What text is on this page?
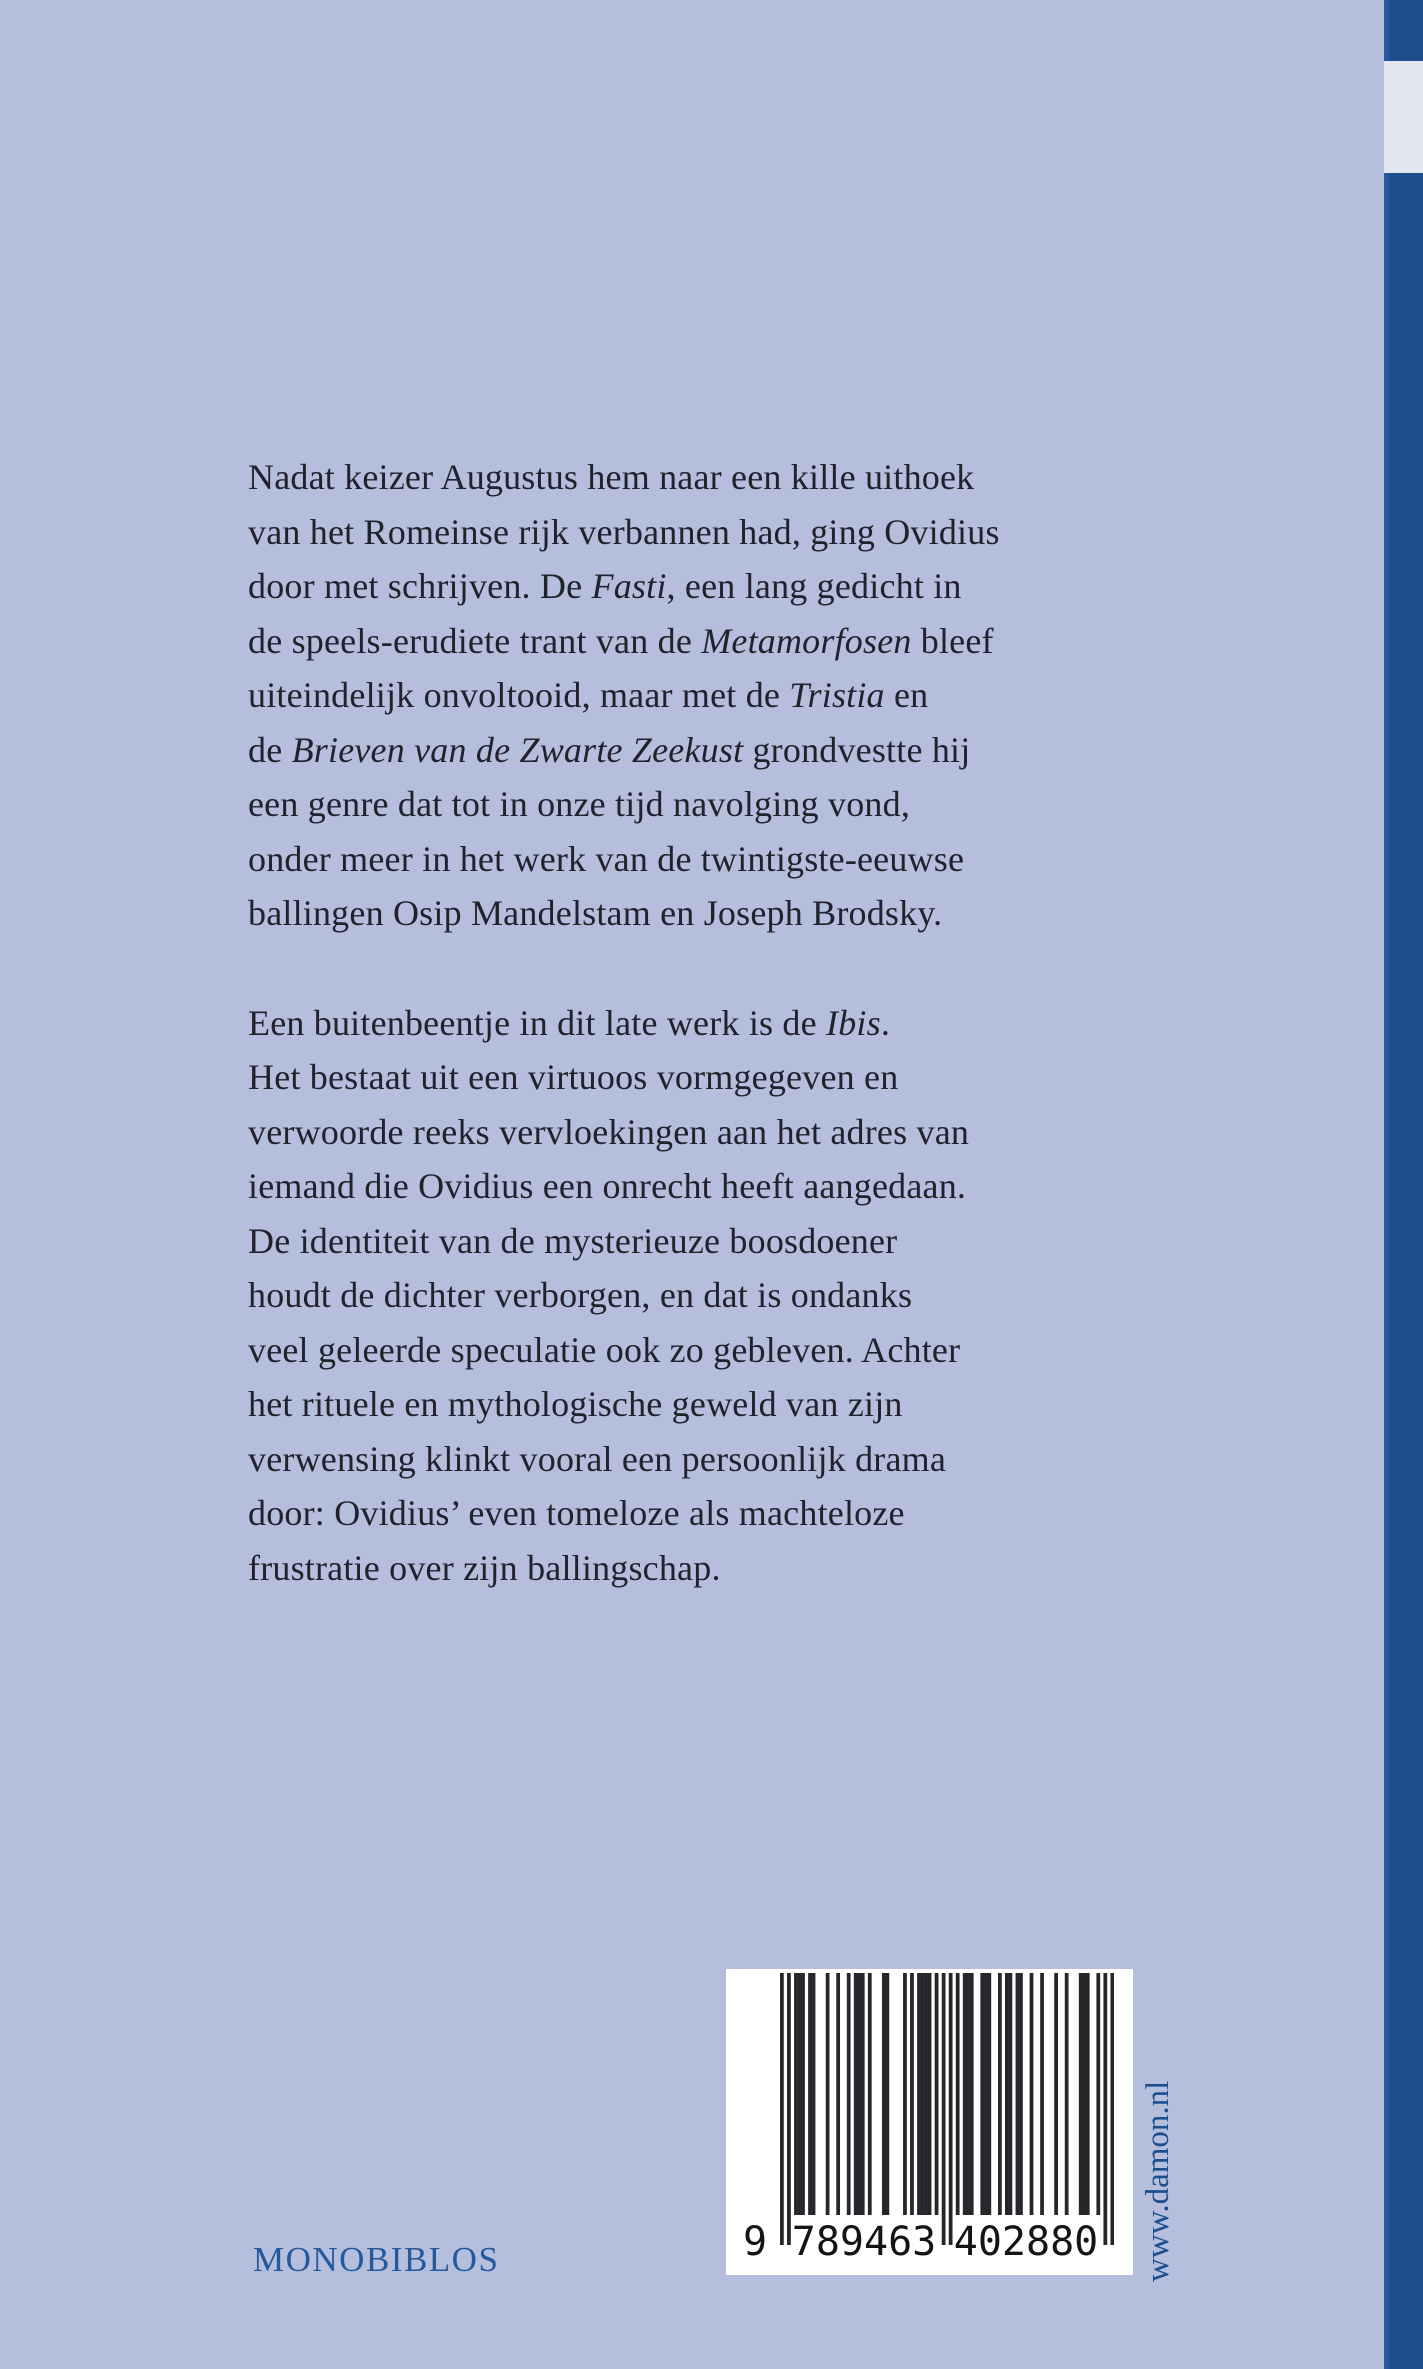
Nadat keizer Augustus hem naar een kille uithoek
van het Romeinse rijk verbannen had, ging Ovidius
door met schrijven. De Fasti, een lang gedicht in
de speels-erudiete trant van de Metamorfosen bleef
uiteindelijk onvoltooid, maar met de Tristia en
de Brieven van de Zwarte Zeekust grondvestte hij
een genre dat tot in onze tijd navolging vond,
onder meer in het werk van de twintigste-eeuwse
ballingen Osip Mandelstam en Joseph Brodsky.
Een buitenbeentje in dit late werk is de Ibis.
Het bestaat uit een virtuoos vormgegeven en
verwoorde reeks vervloekingen aan het adres van
iemand die Ovidius een onrecht heeft aangedaan.
De identiteit van de mysterieuze boosdoener
houdt de dichter verborgen, en dat is ondanks
veel geleerde speculatie ook zo gebleven. Achter
het rituele en mythologische geweld van zijn
verwensing klinkt vooral een persoonlijk drama
door: Ovidius’ even tomeloze als machteloze
frustratie over zijn ballingschap.
MONOBIBLOS	9 789463 402880 www.damon.nl
